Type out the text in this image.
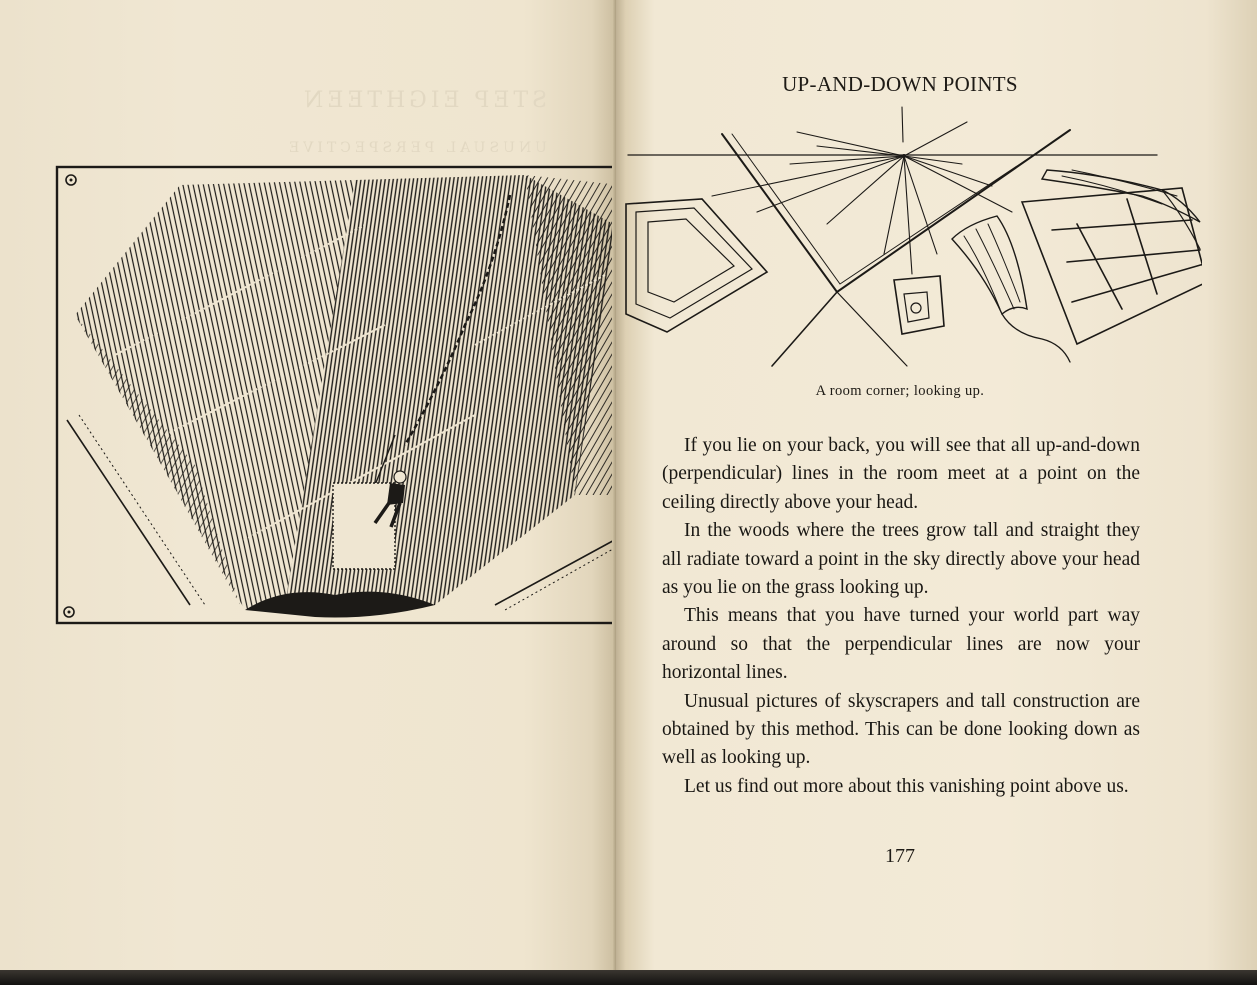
STEP EIGHTEEN
UNUSUAL PERSPECTIVE
UP-AND-DOWN POINTS
A room corner; looking up.

If you lie on your back, you will see that all up-and-down (perpendicular) lines in the room meet at a point on the ceiling directly above your head.

In the woods where the trees grow tall and straight they all radiate toward a point in the sky directly above your head as you lie on the grass looking up.

This means that you have turned your world part way around so that the perpendicular lines are now your horizontal lines.

Unusual pictures of skyscrapers and tall construction are obtained by this method. This can be done looking down as well as looking up.

Let us find out more about this vanishing point above us.

177
